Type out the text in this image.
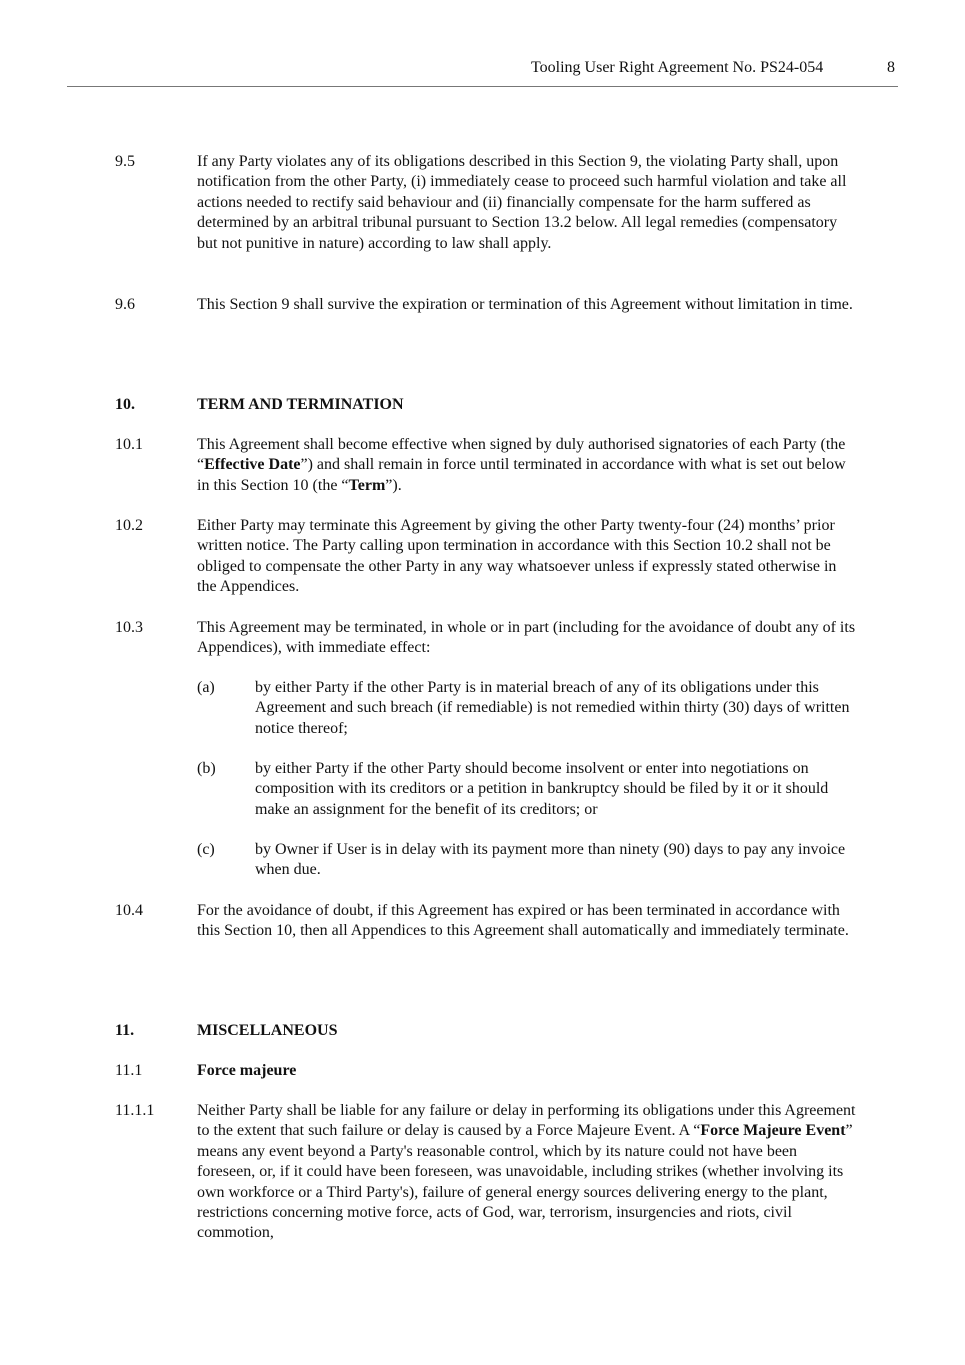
Tooling User Right Agreement No. PS24-054	8
9.5	If any Party violates any of its obligations described in this Section 9, the violating Party shall, upon notification from the other Party, (i) immediately cease to proceed such harmful violation and take all actions needed to rectify said behaviour and (ii) financially compensate for the harm suffered as determined by an arbitral tribunal pursuant to Section 13.2 below. All legal remedies (compensatory but not punitive in nature) according to law shall apply.
9.6	This Section 9 shall survive the expiration or termination of this Agreement without limitation in time.
10.	TERM AND TERMINATION
10.1	This Agreement shall become effective when signed by duly authorised signatories of each Party (the “Effective Date”) and shall remain in force until terminated in accordance with what is set out below in this Section 10 (the “Term”).
10.2	Either Party may terminate this Agreement by giving the other Party twenty-four (24) months’ prior written notice. The Party calling upon termination in accordance with this Section 10.2 shall not be obliged to compensate the other Party in any way whatsoever unless if expressly stated otherwise in the Appendices.
10.3	This Agreement may be terminated, in whole or in part (including for the avoidance of doubt any of its Appendices), with immediate effect:
(a)	by either Party if the other Party is in material breach of any of its obligations under this Agreement and such breach (if remediable) is not remedied within thirty (30) days of written notice thereof;
(b) by either Party if the other Party should become insolvent or enter into negotiations on composition with its creditors or a petition in bankruptcy should be filed by it or it should make an assignment for the benefit of its creditors; or
(c)	by Owner if User is in delay with its payment more than ninety (90) days to pay any invoice when due.
10.4	For the avoidance of doubt, if this Agreement has expired or has been terminated in accordance with this Section 10, then all Appendices to this Agreement shall automatically and immediately terminate.
11.	MISCELLANEOUS
11.1	Force majeure
11.1.1	Neither Party shall be liable for any failure or delay in performing its obligations under this Agreement to the extent that such failure or delay is caused by a Force Majeure Event. A “Force Majeure Event” means any event beyond a Party's reasonable control, which by its nature could not have been foreseen, or, if it could have been foreseen, was unavoidable, including strikes (whether involving its own workforce or a Third Party's), failure of general energy sources delivering energy to the plant, restrictions concerning motive force, acts of God, war, terrorism, insurgencies and riots, civil commotion,
